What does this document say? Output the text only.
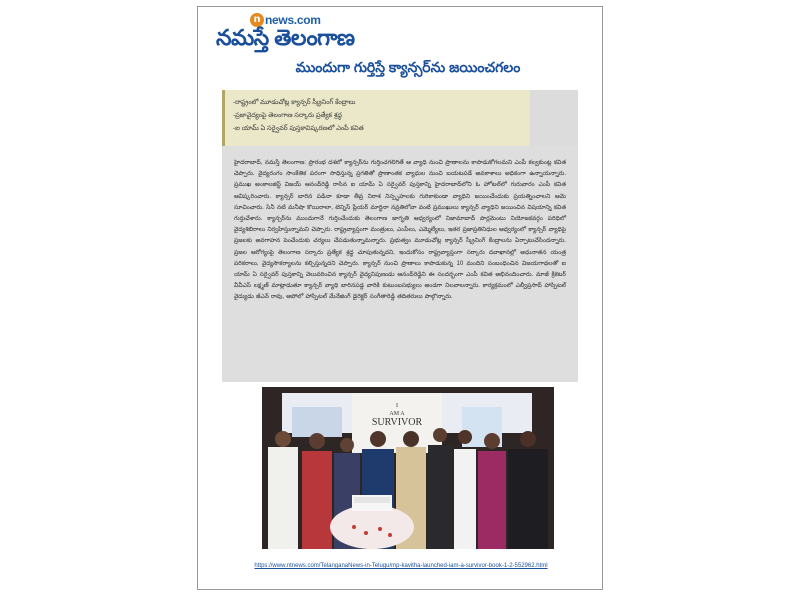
n news.com
నమస్తే తెలంగాణ
ముందుగా గుర్తిస్తే క్యాన్సర్‌ను జయించగలం
-రాష్ట్రంలో మూడుచోట్ల క్యాన్సర్ స్క్రీనింగ్ కేంద్రాలు
-ప్రజావైద్యంపై తెలంగాణ సర్కారు ప్రత్యేక శ్రద్ధ
-ఐ యామ్ ఏ సర్వైవర్ పుస్తకావిష్కరణలో ఎంపీ కవిత

హైదరాబాద్, నమస్తే తెలంగాణ: ప్రారంభ దశలో క్యాన్సర్‌ను గుర్తించగలిగితే ఆ వ్యాధి నుంచి ప్రాణాలను కాపాడుకోగలమని ఎంపీ కల్వకుంట్ల కవిత చెప్పారు. వైద్యరంగం సాంకేతిక పరంగా సాధిస్తున్న ప్రగతితో ప్రాణాంతక వ్యాధుల నుంచి బయటపడే అవకాశాలు అధికంగా ఉన్నాయన్నారు. ప్రముఖ అంకాలజిస్ట్ విజయ్ ఆనంద్‌రెడ్డి రాసిన ఐ యామ్ ఏ సర్వైవర్ పుస్తకాన్ని హైదరాబాద్‌లోని ఓ హోటల్‌లో గురువారం ఎంపీ కవిత ఆవిష్కరించారు. క్యాన్సర్ బారిన పడినా కూడా తీవ్ర నిరాశ నిస్పృహలకు గురికాకుండా వ్యాధిని జయించేందుకు ప్రయత్నించాలని ఆమె సూచించారు. సినీ నటి మనీషా కొయిరాలా, టెన్నిస్ ప్లేయర్ మార్టినా నవ్రతిలోవా వంటి ప్రముఖులు క్యాన్సర్ వ్యాధిని జయించిన విషయాన్ని కవిత గుర్తుచేశారు. క్యాన్సర్‌ను ముందుగానే గుర్తించేందుకు తెలంగాణ జాగృతి ఆధ్వర్యంలో నిజామాబాద్ పార్లమెంటు నియోజకవర్గం పరిధిలో వైద్యశిబిరాలు నిర్వహిస్తున్నామని చెప్పారు. రాష్ట్రవ్యాప్తంగా మంత్రులు, ఎంపీలు, ఎమ్మెల్యేలు, ఇతర ప్రజాప్రతినిధుల ఆధ్వర్యంలో క్యాన్సర్ వ్యాధిపై ప్రజలకు అవగాహన పెంచేందుకు చర్యలు చేపడుతున్నామన్నారు. ప్రభుత్వం మూడుచోట్ల క్యాన్సర్ స్క్రీనింగ్ కేంద్రాలను ఏర్పాటుచేసిందన్నారు. ప్రజల ఆరోగ్యంపై తెలంగాణ సర్కారు ప్రత్యేక శ్రద్ధ చూపుతున్నదని, ఇందుకోసం రాష్ట్రవ్యాప్తంగా సర్కారు దవాఖానల్లో అధునాతన యంత్ర పరికరాలు, వైద్యసౌకర్యాలను కల్పిస్తున్నదని చెప్పారు. క్యాన్సర్ నుంచి ప్రాణాలు కాపాడుకున్న 10 మందిని సంబంధించిన విజయగాథలతో ఐ యామ్ ఏ సర్వైవర్ పుస్తకాన్ని వెలువరించిన క్యాన్సర్ వైద్యనిపుణుడు ఆనంద్‌రెడ్డిని ఈ సందర్భంగా ఎంపీ కవిత అభినందించారు. మాజీ క్రికెటర్ వీవీఎస్ లక్ష్మణ్ మాట్లాడుతూ క్యాన్సర్ వ్యాధి బారినపడ్డ వారికి కుటుంబసభ్యులు అండగా నిలవాలన్నారు. కార్యక్రమంలో ఎల్వీప్రసాద్ హాస్పిటల్ వైద్యుడు జీఎన్ రావు, అపోలో హాస్పిటల్ మేనేజింగ్ డైరెక్టర్ సంగీతారెడ్డి తదితరులు పాల్గొన్నారు.

I
AM A
SURVIVOR
https://www.ntnews.com/TelanganaNews-in-Telugu/mp-kavitha-launched-iam-a-survivor-book-1-2-552962.html
